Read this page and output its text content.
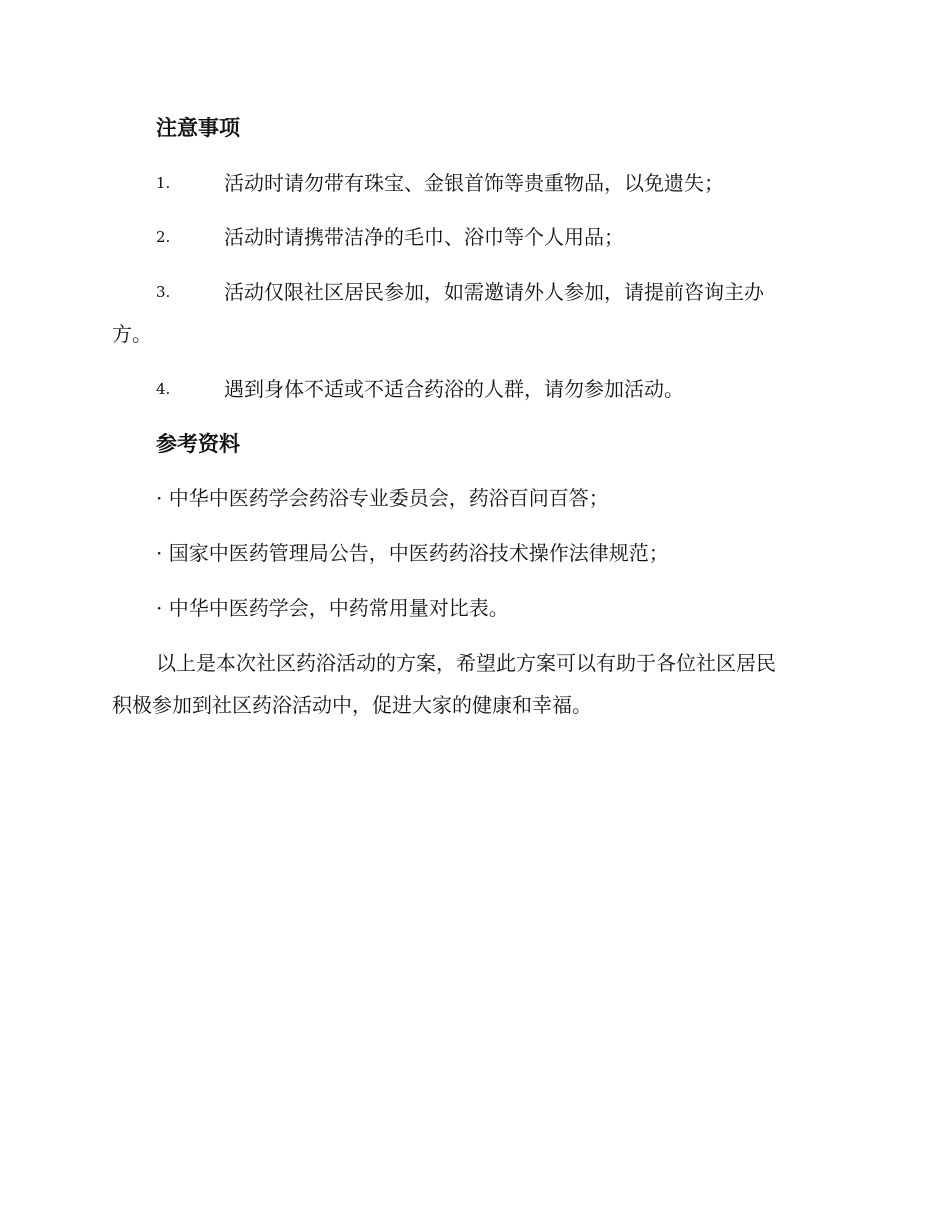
注意事项
1.	活动时请勿带有珠宝、金银首饰等贵重物品，以免遗失；
2.	活动时请携带洁净的毛巾、浴巾等个人用品；
3.	活动仅限社区居民参加，如需邀请外人参加，请提前咨询主办
方。
4.	遇到身体不适或不适合药浴的人群，请勿参加活动。
参考资料
· 中华中医药学会药浴专业委员会，药浴百问百答；
· 国家中医药管理局公告，中医药药浴技术操作法律规范；
· 中华中医药学会，中药常用量对比表。
以上是本次社区药浴活动的方案，希望此方案可以有助于各位社区居民
积极参加到社区药浴活动中，促进大家的健康和幸福。
